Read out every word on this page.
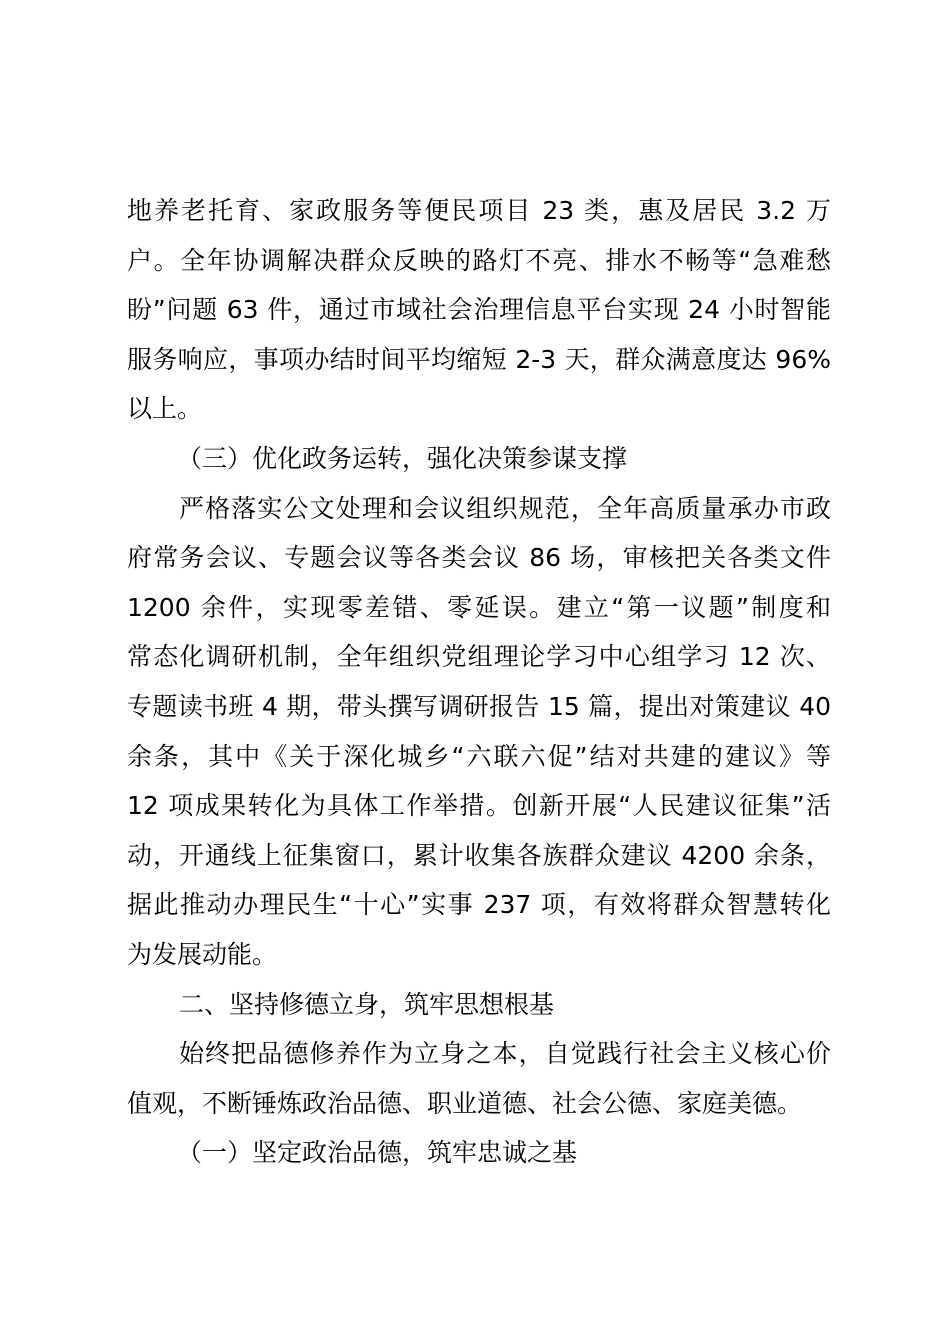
地养老托育、家政服务等便民项目 23 类，惠及居民 3.2 万
户。全年协调解决群众反映的路灯不亮、排水不畅等“急难愁
盼”问题 63 件，通过市域社会治理信息平台实现 24 小时智能
服务响应，事项办结时间平均缩短 2-3 天，群众满意度达 96%
以上。
（三）优化政务运转，强化决策参谋支撑
严格落实公文处理和会议组织规范，全年高质量承办市政
府常务会议、专题会议等各类会议 86 场，审核把关各类文件
1200 余件，实现零差错、零延误。建立“第一议题”制度和
常态化调研机制，全年组织党组理论学习中心组学习 12 次、
专题读书班 4 期，带头撰写调研报告 15 篇，提出对策建议 40
余条，其中《关于深化城乡“六联六促”结对共建的建议》等
12 项成果转化为具体工作举措。创新开展“人民建议征集”活
动，开通线上征集窗口，累计收集各族群众建议 4200 余条，
据此推动办理民生“十心”实事 237 项，有效将群众智慧转化
为发展动能。
二、坚持修德立身，筑牢思想根基
始终把品德修养作为立身之本，自觉践行社会主义核心价
值观，不断锤炼政治品德、职业道德、社会公德、家庭美德。
（一）坚定政治品德，筑牢忠诚之基
